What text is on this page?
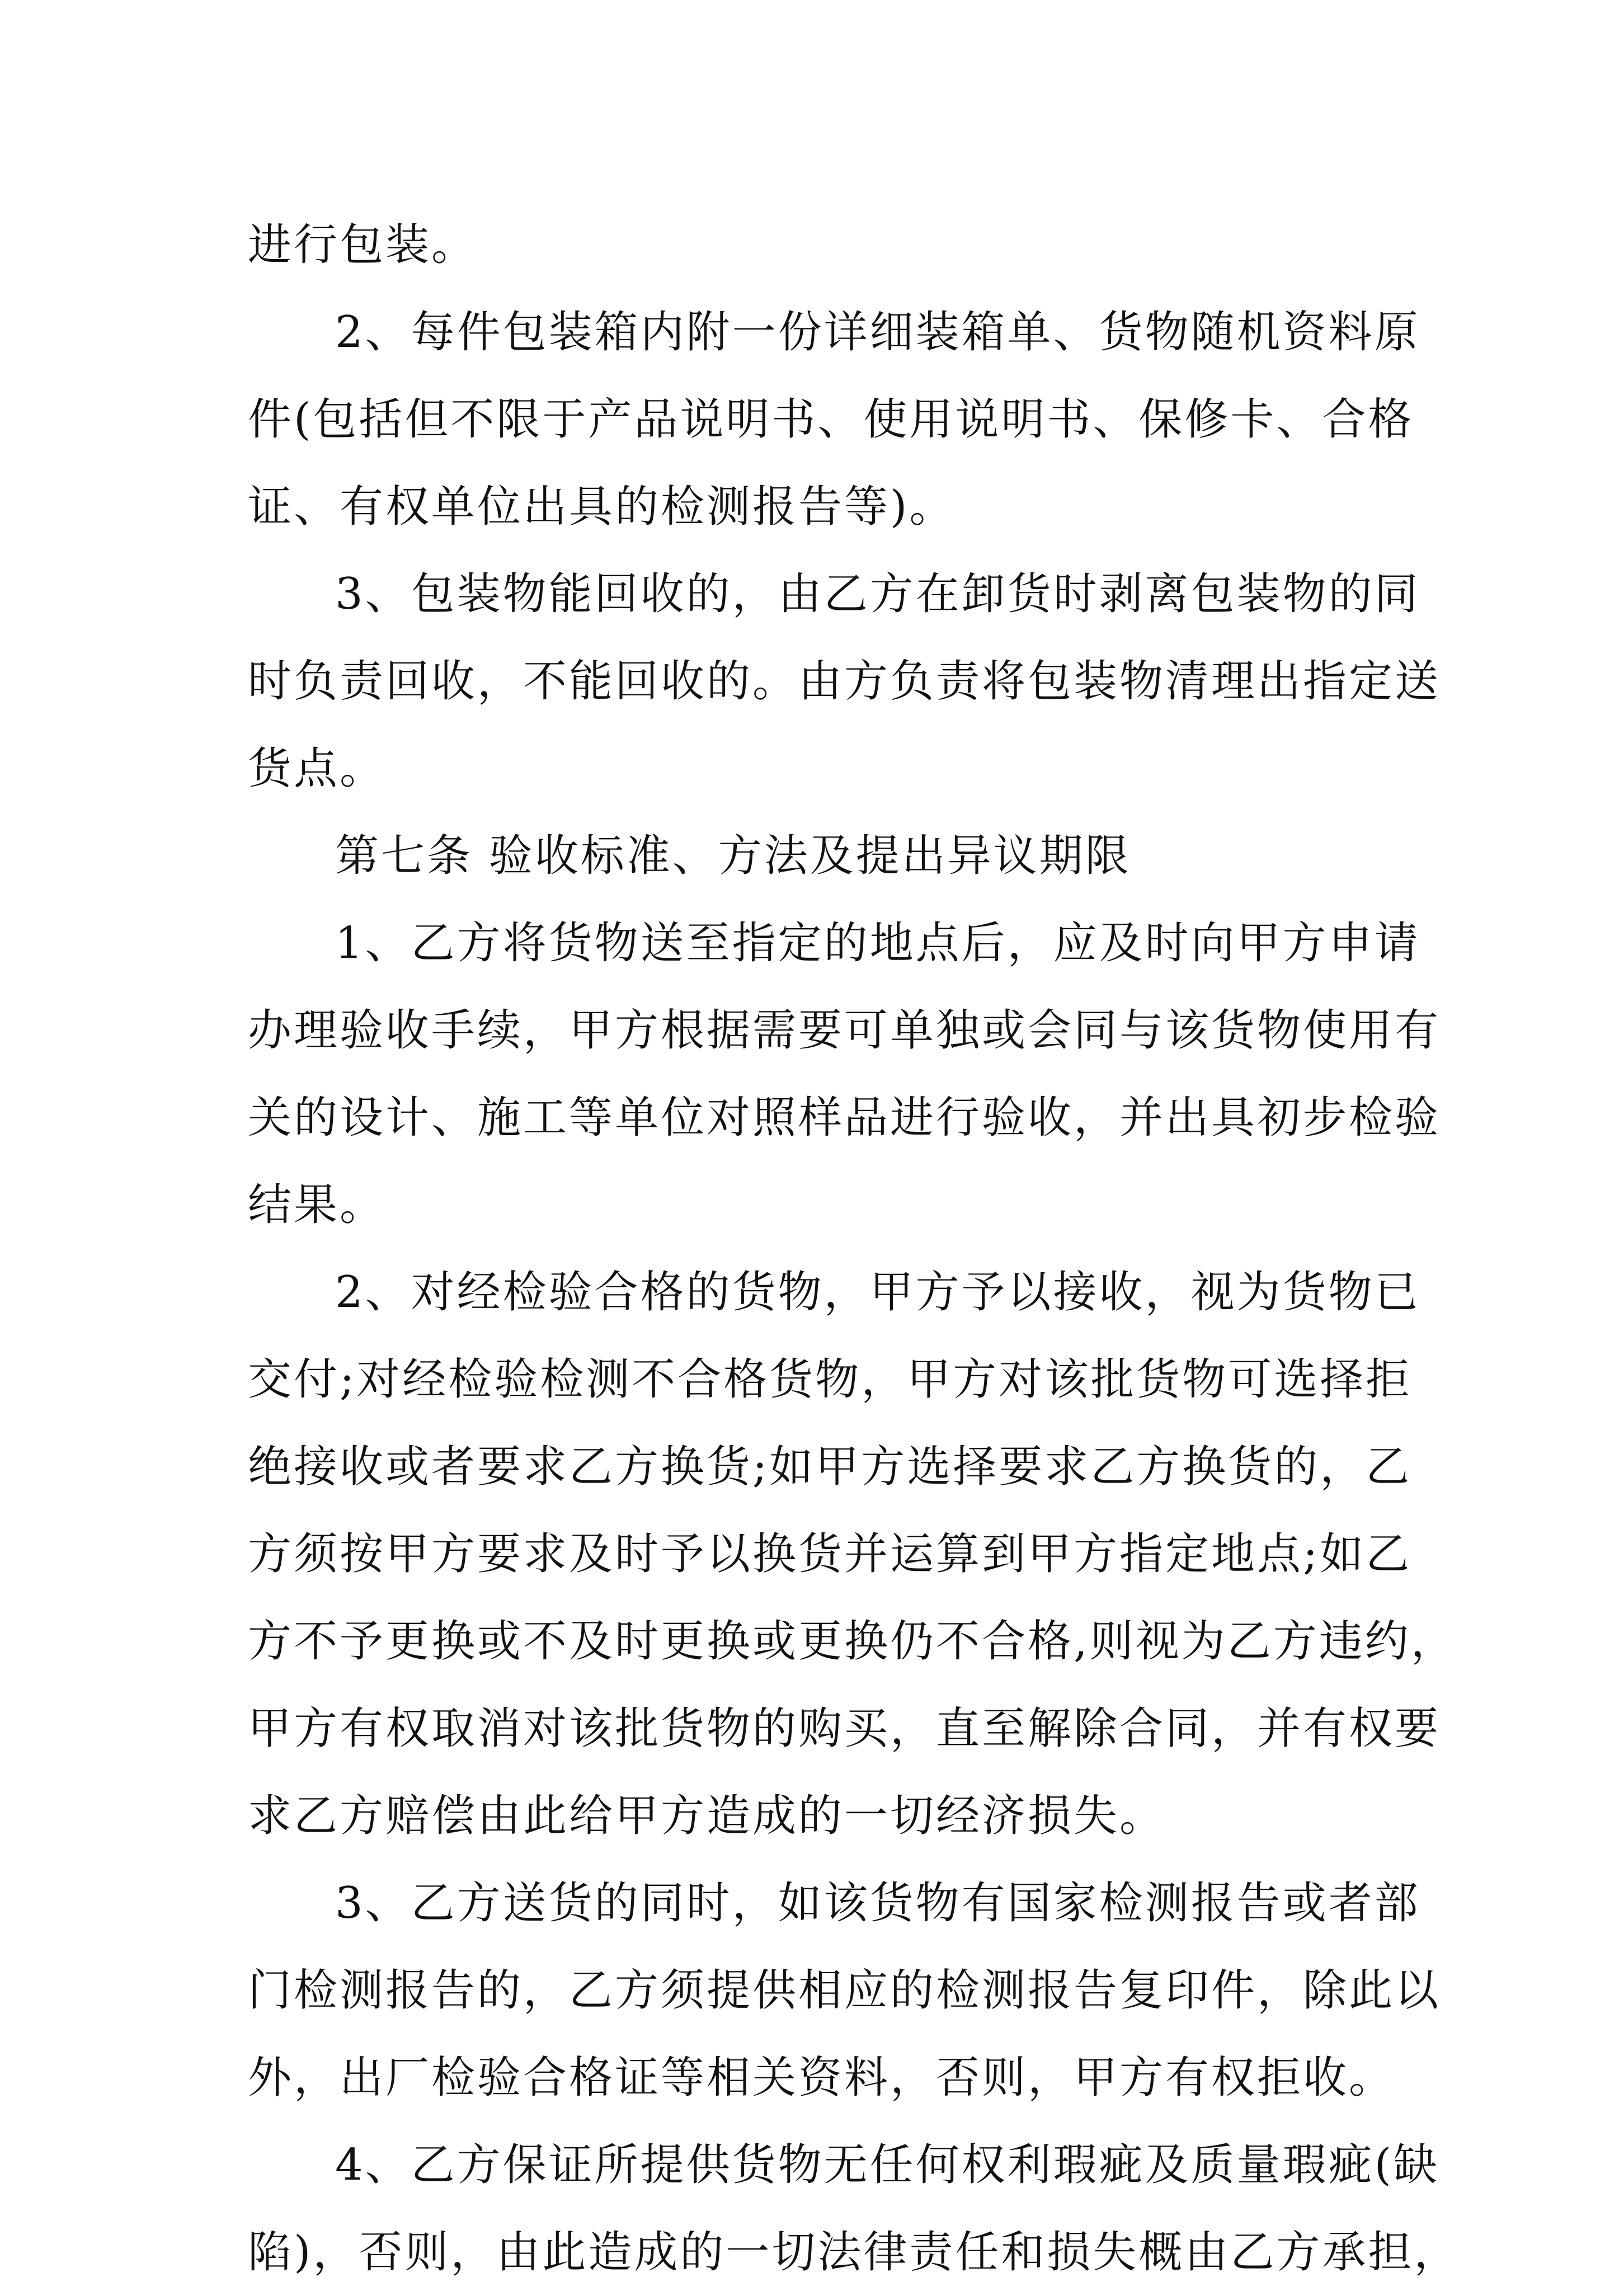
进行包装。
2、每件包装箱内附一份详细装箱单、货物随机资料原
件(包括但不限于产品说明书、使用说明书、保修卡、合格
证、有权单位出具的检测报告等)。
3、包装物能回收的，由乙方在卸货时剥离包装物的同
时负责回收，不能回收的。由方负责将包装物清理出指定送
货点。
第七条 验收标准、方法及提出异议期限
1、乙方将货物送至指定的地点后，应及时向甲方申请
办理验收手续，甲方根据需要可单独或会同与该货物使用有
关的设计、施工等单位对照样品进行验收，并出具初步检验
结果。
2、对经检验合格的货物，甲方予以接收，视为货物已
交付;对经检验检测不合格货物，甲方对该批货物可选择拒
绝接收或者要求乙方换货;如甲方选择要求乙方换货的，乙
方须按甲方要求及时予以换货并运算到甲方指定地点;如乙
方不予更换或不及时更换或更换仍不合格,则视为乙方违约，
甲方有权取消对该批货物的购买，直至解除合同，并有权要
求乙方赔偿由此给甲方造成的一切经济损失。
3、乙方送货的同时，如该货物有国家检测报告或者部
门检测报告的，乙方须提供相应的检测报告复印件，除此以
外，出厂检验合格证等相关资料，否则，甲方有权拒收。
4、乙方保证所提供货物无任何权利瑕疵及质量瑕疵(缺
陷)，否则，由此造成的一切法律责任和损失概由乙方承担，
